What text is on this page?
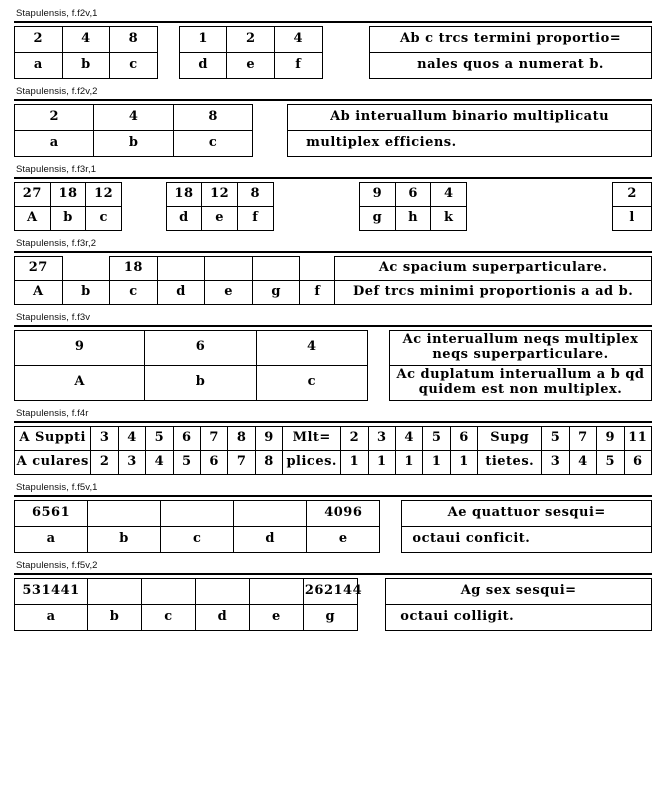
Stapulensis, f.f2v,1
2	4	8		1	2	4		Ab c trcs termini proportio=
a	b	c		d	e	f		nales quos a numerat b.
Stapulensis, f.f2v,2
2	4	8		Ab interuallum binario multiplicatu
a	b	c		multiplex efficiens.
Stapulensis, f.f3r,1
27	18	12		18	12	8		9	6	4		2
A	b	c		d	e	f		g	h	k		l
Stapulensis, f.f3r,2
27		18					Ac spacium superparticulare.
A	b	c	d	e	g	f	Def trcs minimi proportionis a ad b.
Stapulensis, f.f3v
9	6	4		Ac interuallum neqs multiplex
neqs superparticulare.

A	b	c		Ac duplatum interuallum a b qd
quidem est non multiplex.
Stapulensis, f.f4r
A Suppti	3	4	5	6	7	8	9	Mlt=	2	3	4	5	6	Supg	5	7	9	11
A culares	2	3	4	5	6	7	8	plices.	1	1	1	1	1	tietes.	3	4	5	6
Stapulensis, f.f5v,1
6561				4096		Ae quattuor sesqui=
a	b	c	d	e		octaui conficit.
Stapulensis, f.f5v,2
531441					262144		Ag sex sesqui=
a	b	c	d	e	g		octaui colligit.
